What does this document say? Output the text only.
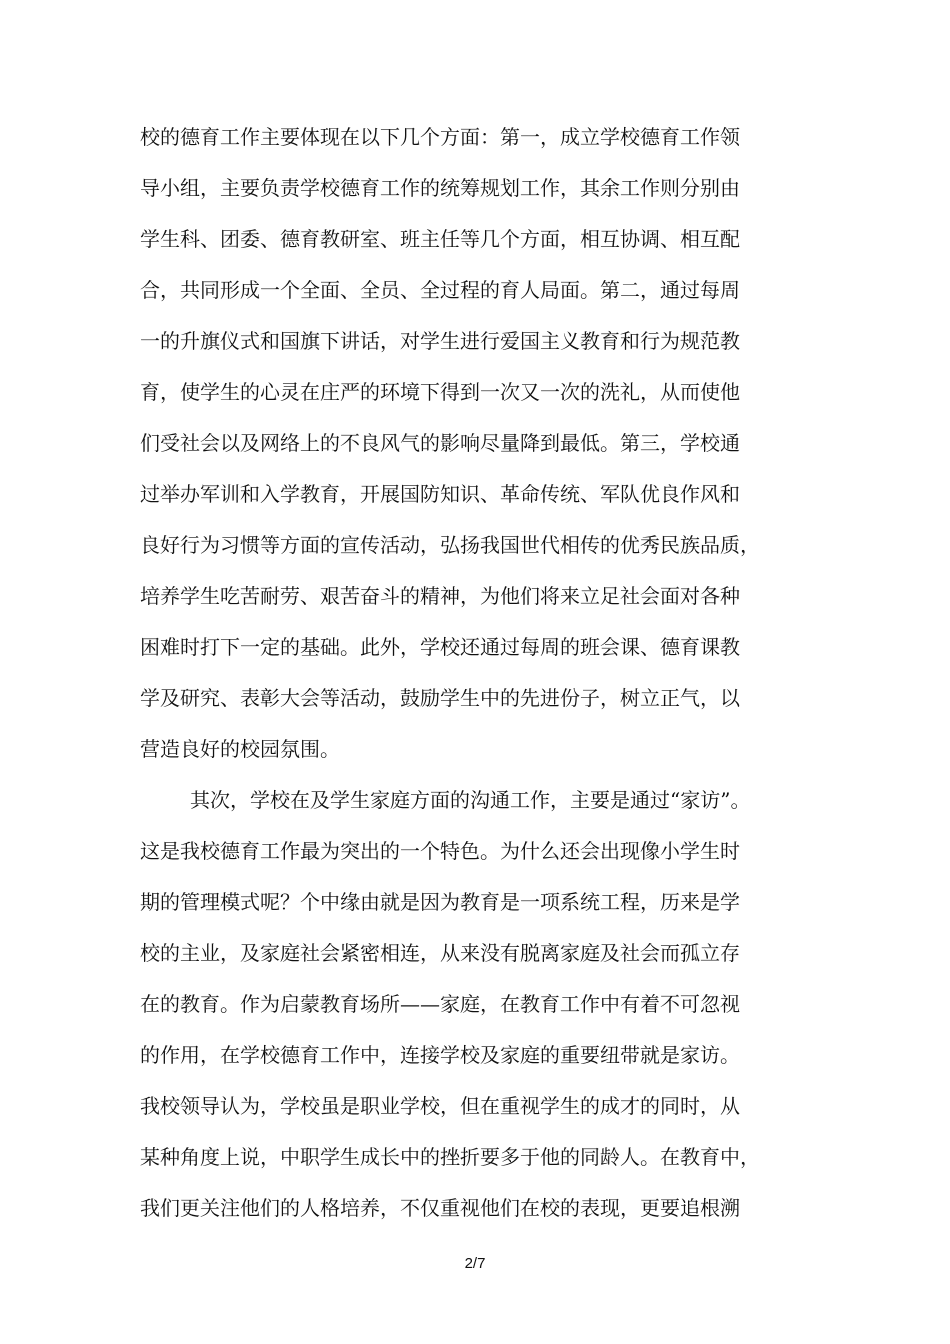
校的德育工作主要体现在以下几个方面：第一，成立学校德育工作领
导小组，主要负责学校德育工作的统筹规划工作，其余工作则分别由
学生科、团委、德育教研室、班主任等几个方面，相互协调、相互配
合，共同形成一个全面、全员、全过程的育人局面。第二，通过每周
一的升旗仪式和国旗下讲话，对学生进行爱国主义教育和行为规范教
育，使学生的心灵在庄严的环境下得到一次又一次的洗礼，从而使他
们受社会以及网络上的不良风气的影响尽量降到最低。第三，学校通
过举办军训和入学教育，开展国防知识、革命传统、军队优良作风和
良好行为习惯等方面的宣传活动，弘扬我国世代相传的优秀民族品质，
培养学生吃苦耐劳、艰苦奋斗的精神，为他们将来立足社会面对各种
困难时打下一定的基础。此外，学校还通过每周的班会课、德育课教
学及研究、表彰大会等活动，鼓励学生中的先进份子，树立正气，以
营造良好的校园氛围。
其次，学校在及学生家庭方面的沟通工作，主要是通过“家访”。
这是我校德育工作最为突出的一个特色。为什么还会出现像小学生时
期的管理模式呢？个中缘由就是因为教育是一项系统工程，历来是学
校的主业，及家庭社会紧密相连，从来没有脱离家庭及社会而孤立存
在的教育。作为启蒙教育场所——家庭，在教育工作中有着不可忽视
的作用，在学校德育工作中，连接学校及家庭的重要纽带就是家访。
我校领导认为，学校虽是职业学校，但在重视学生的成才的同时，从
某种角度上说，中职学生成长中的挫折要多于他的同龄人。在教育中，
我们更关注他们的人格培养，不仅重视他们在校的表现，更要追根溯
2/7
